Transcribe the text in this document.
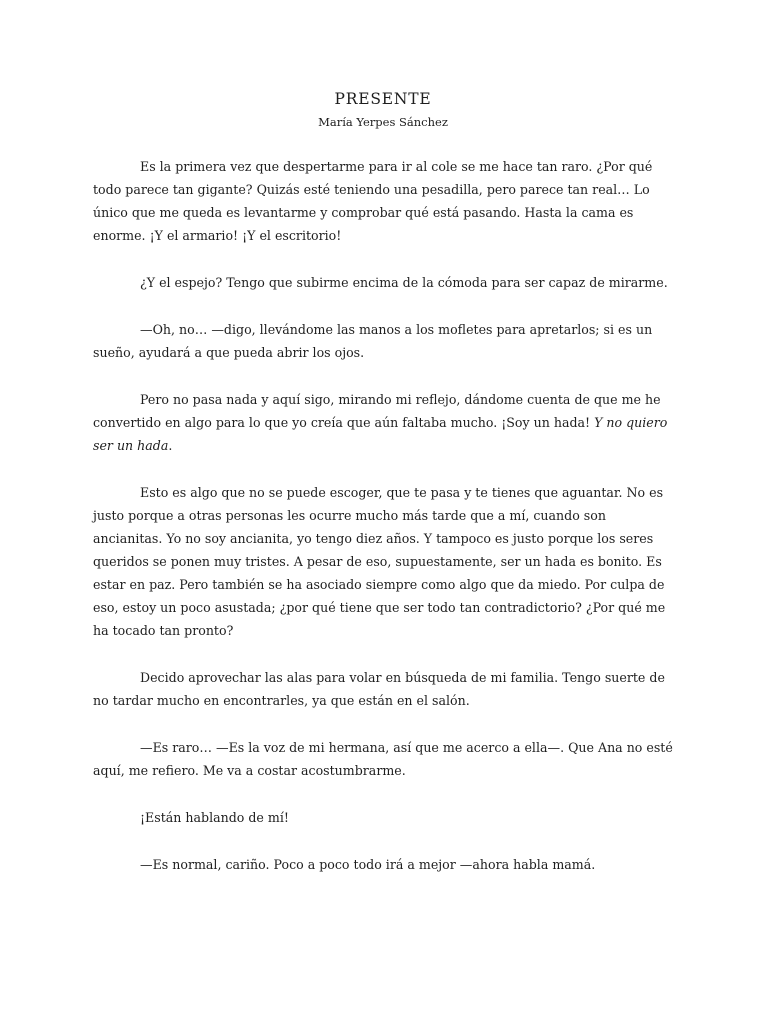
PRESENTE

María Yerpes Sánchez

Es la primera vez que despertarme para ir al cole se me hace tan raro. ¿Por qué todo parece tan gigante? Quizás esté teniendo una pesadilla, pero parece tan real… Lo único que me queda es levantarme y comprobar qué está pasando. Hasta la cama es enorme. ¡Y el armario! ¡Y el escritorio!

¿Y el espejo? Tengo que subirme encima de la cómoda para ser capaz de mirarme.

—Oh, no… —digo, llevándome las manos a los mofletes para apretarlos; si es un sueño, ayudará a que pueda abrir los ojos.

Pero no pasa nada y aquí sigo, mirando mi reflejo, dándome cuenta de que me he convertido en algo para lo que yo creía que aún faltaba mucho. ¡Soy un hada! Y no quiero ser un hada.

Esto es algo que no se puede escoger, que te pasa y te tienes que aguantar. No es justo porque a otras personas les ocurre mucho más tarde que a mí, cuando son ancianitas. Yo no soy ancianita, yo tengo diez años. Y tampoco es justo porque los seres queridos se ponen muy tristes. A pesar de eso, supuestamente, ser un hada es bonito. Es estar en paz. Pero también se ha asociado siempre como algo que da miedo. Por culpa de eso, estoy un poco asustada; ¿por qué tiene que ser todo tan contradictorio? ¿Por qué me ha tocado tan pronto?

Decido aprovechar las alas para volar en búsqueda de mi familia. Tengo suerte de no tardar mucho en encontrarles, ya que están en el salón.

—Es raro… —Es la voz de mi hermana, así que me acerco a ella—. Que Ana no esté aquí, me refiero. Me va a costar acostumbrarme.

¡Están hablando de mí!

—Es normal, cariño. Poco a poco todo irá a mejor —ahora habla mamá.
